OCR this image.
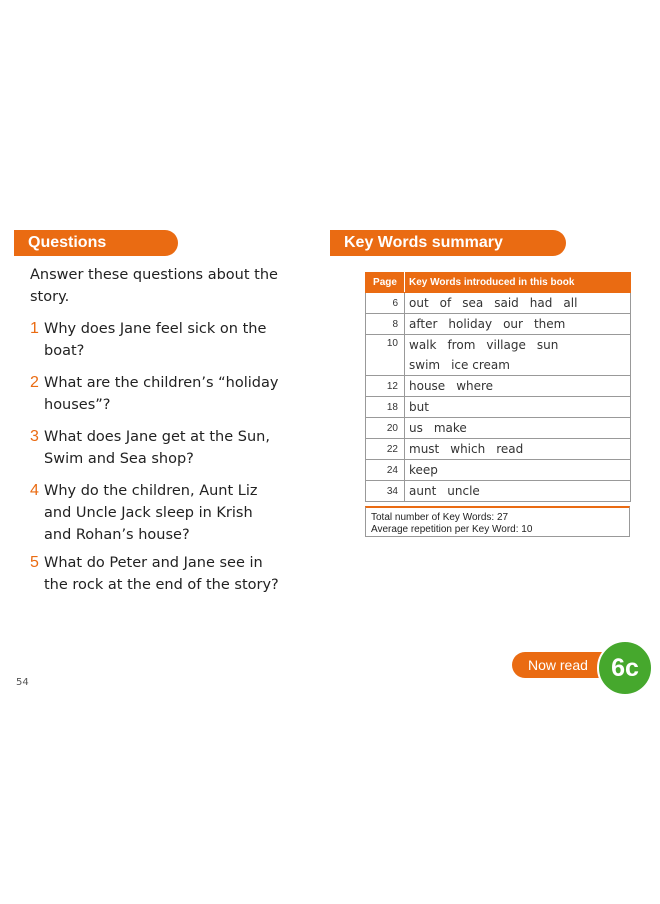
Questions
Answer these questions about the story.
1 Why does Jane feel sick on the boat?
2 What are the children’s “holiday houses”?
3 What does Jane get at the Sun, Swim and Sea shop?
4 Why do the children, Aunt Liz and Uncle Jack sleep in Krish and Rohan’s house?
5 What do Peter and Jane see in the rock at the end of the story?
Key Words summary
Page	Key Words introduced in this book
6	out of sea said had all

8	after holiday our them

10	walk from village sun
swim ice cream

12	house where

18	but

20	us make

22	must which read

24	keep

34	aunt uncle
Total number of Key Words: 27
Average repetition per Key Word: 10
54
Now read 6c
